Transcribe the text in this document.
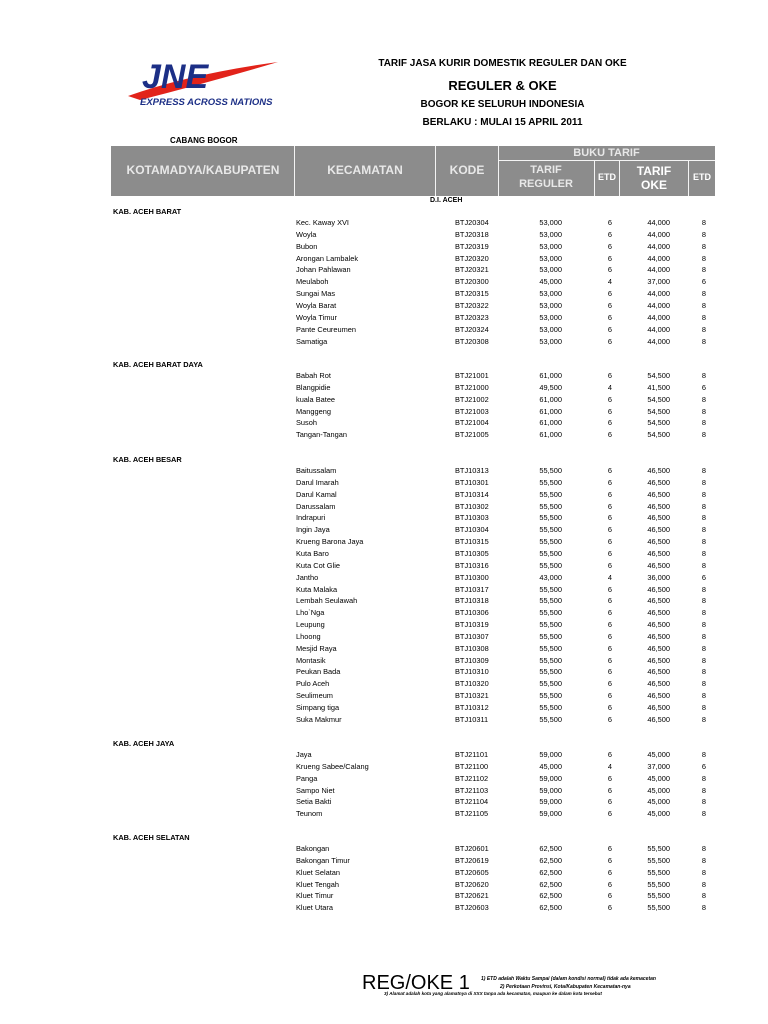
JNE
EXPRESS ACROSS NATIONS
TARIF JASA KURIR DOMESTIK REGULER DAN OKE
REGULER & OKE
BOGOR KE SELURUH INDONESIA
BERLAKU : MULAI 15 APRIL 2011
CABANG BOGOR
KOTAMADYA/KABUPATEN	KECAMATAN	KODE
BUKU TARIF
TARIF
REGULER
ETD	TARIF
OKE
ETD
D.I. ACEH
KAB. ACEH BARAT
Kec. Kaway XVI	BTJ20304	53,000	6	44,000	8
Woyla	BTJ20318	53,000	6	44,000	8
Bubon	BTJ20319	53,000	6	44,000	8
Arongan Lambalek	BTJ20320	53,000	6	44,000	8
Johan Pahlawan	BTJ20321	53,000	6	44,000	8
Meulaboh	BTJ20300	45,000	4	37,000	6
Sungai Mas	BTJ20315	53,000	6	44,000	8
Woyla Barat	BTJ20322	53,000	6	44,000	8
Woyla Timur	BTJ20323	53,000	6	44,000	8
Pante Ceureumen	BTJ20324	53,000	6	44,000	8
Samatiga	BTJ20308	53,000	6	44,000	8
KAB. ACEH BARAT DAYA
Babah Rot	BTJ21001	61,000	6	54,500	8
Blangpidie	BTJ21000	49,500	4	41,500	6
kuala Batee	BTJ21002	61,000	6	54,500	8
Manggeng	BTJ21003	61,000	6	54,500	8
Susoh	BTJ21004	61,000	6	54,500	8
Tangan-Tangan	BTJ21005	61,000	6	54,500	8
KAB. ACEH BESAR
Baitussalam	BTJ10313	55,500	6	46,500	8
Darul Imarah	BTJ10301	55,500	6	46,500	8
Darul Kamal	BTJ10314	55,500	6	46,500	8
Darussalam	BTJ10302	55,500	6	46,500	8
Indrapuri	BTJ10303	55,500	6	46,500	8
Ingin Jaya	BTJ10304	55,500	6	46,500	8
Krueng Barona Jaya	BTJ10315	55,500	6	46,500	8
Kuta Baro	BTJ10305	55,500	6	46,500	8
Kuta Cot Glie	BTJ10316	55,500	6	46,500	8
Jantho	BTJ10300	43,000	4	36,000	6
Kuta Malaka	BTJ10317	55,500	6	46,500	8
Lembah Seulawah	BTJ10318	55,500	6	46,500	8
Lho`Nga	BTJ10306	55,500	6	46,500	8
Leupung	BTJ10319	55,500	6	46,500	8
Lhoong	BTJ10307	55,500	6	46,500	8
Mesjid Raya	BTJ10308	55,500	6	46,500	8
Montasik	BTJ10309	55,500	6	46,500	8
Peukan Bada	BTJ10310	55,500	6	46,500	8
Pulo Aceh	BTJ10320	55,500	6	46,500	8
Seulimeum	BTJ10321	55,500	6	46,500	8
Simpang tiga	BTJ10312	55,500	6	46,500	8
Suka Makmur	BTJ10311	55,500	6	46,500	8
KAB. ACEH JAYA
Jaya	BTJ21101	59,000	6	45,000	8
Krueng Sabee/Calang	BTJ21100	45,000	4	37,000	6
Panga	BTJ21102	59,000	6	45,000	8
Sampo Niet	BTJ21103	59,000	6	45,000	8
Setia Bakti	BTJ21104	59,000	6	45,000	8
Teunom	BTJ21105	59,000	6	45,000	8
KAB. ACEH SELATAN
Bakongan	BTJ20601	62,500	6	55,500	8
Bakongan Timur	BTJ20619	62,500	6	55,500	8
Kluet Selatan	BTJ20605	62,500	6	55,500	8
Kluet Tengah	BTJ20620	62,500	6	55,500	8
Kluet Timur	BTJ20621	62,500	6	55,500	8
Kluet Utara	BTJ20603	62,500	6	55,500	8
REG/OKE 1 1) ETD adalah Waktu Sampai (dalam kondisi normal) tidak ada kemacetan
2) Perkotaan Provinsi, Kota/Kabupaten Kecamatan-nya
3) Alamat adalah kota yang alamatnya di XXX tanpa ada kecamatan, maupun ke dalam kota tersebut
